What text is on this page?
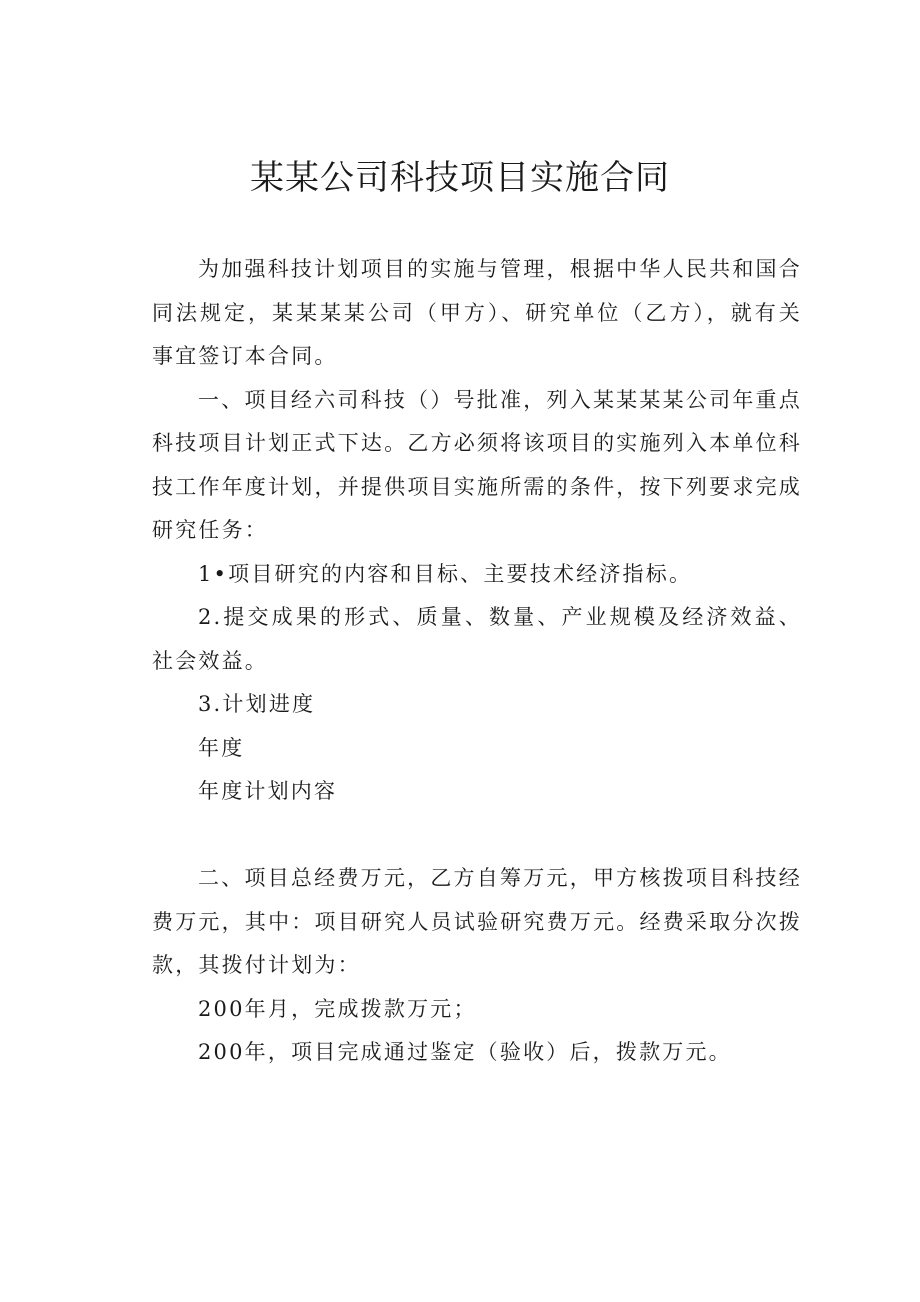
某某公司科技项目实施合同

为加强科技计划项目的实施与管理，根据中华人民共和国合同法规定，某某某某公司（甲方）、研究单位（乙方），就有关事宜签订本合同。

一、项目经六司科技（）号批准，列入某某某某公司年重点科技项目计划正式下达。乙方必须将该项目的实施列入本单位科技工作年度计划，并提供项目实施所需的条件，按下列要求完成研究任务：

1•项目研究的内容和目标、主要技术经济指标。

2.提交成果的形式、质量、数量、产业规模及经济效益、社会效益。

3.计划进度

年度

年度计划内容

二、项目总经费万元，乙方自筹万元，甲方核拨项目科技经费万元，其中：项目研究人员试验研究费万元。经费采取分次拨款，其拨付计划为：

200年月，完成拨款万元；

200年，项目完成通过鉴定（验收）后，拨款万元。
